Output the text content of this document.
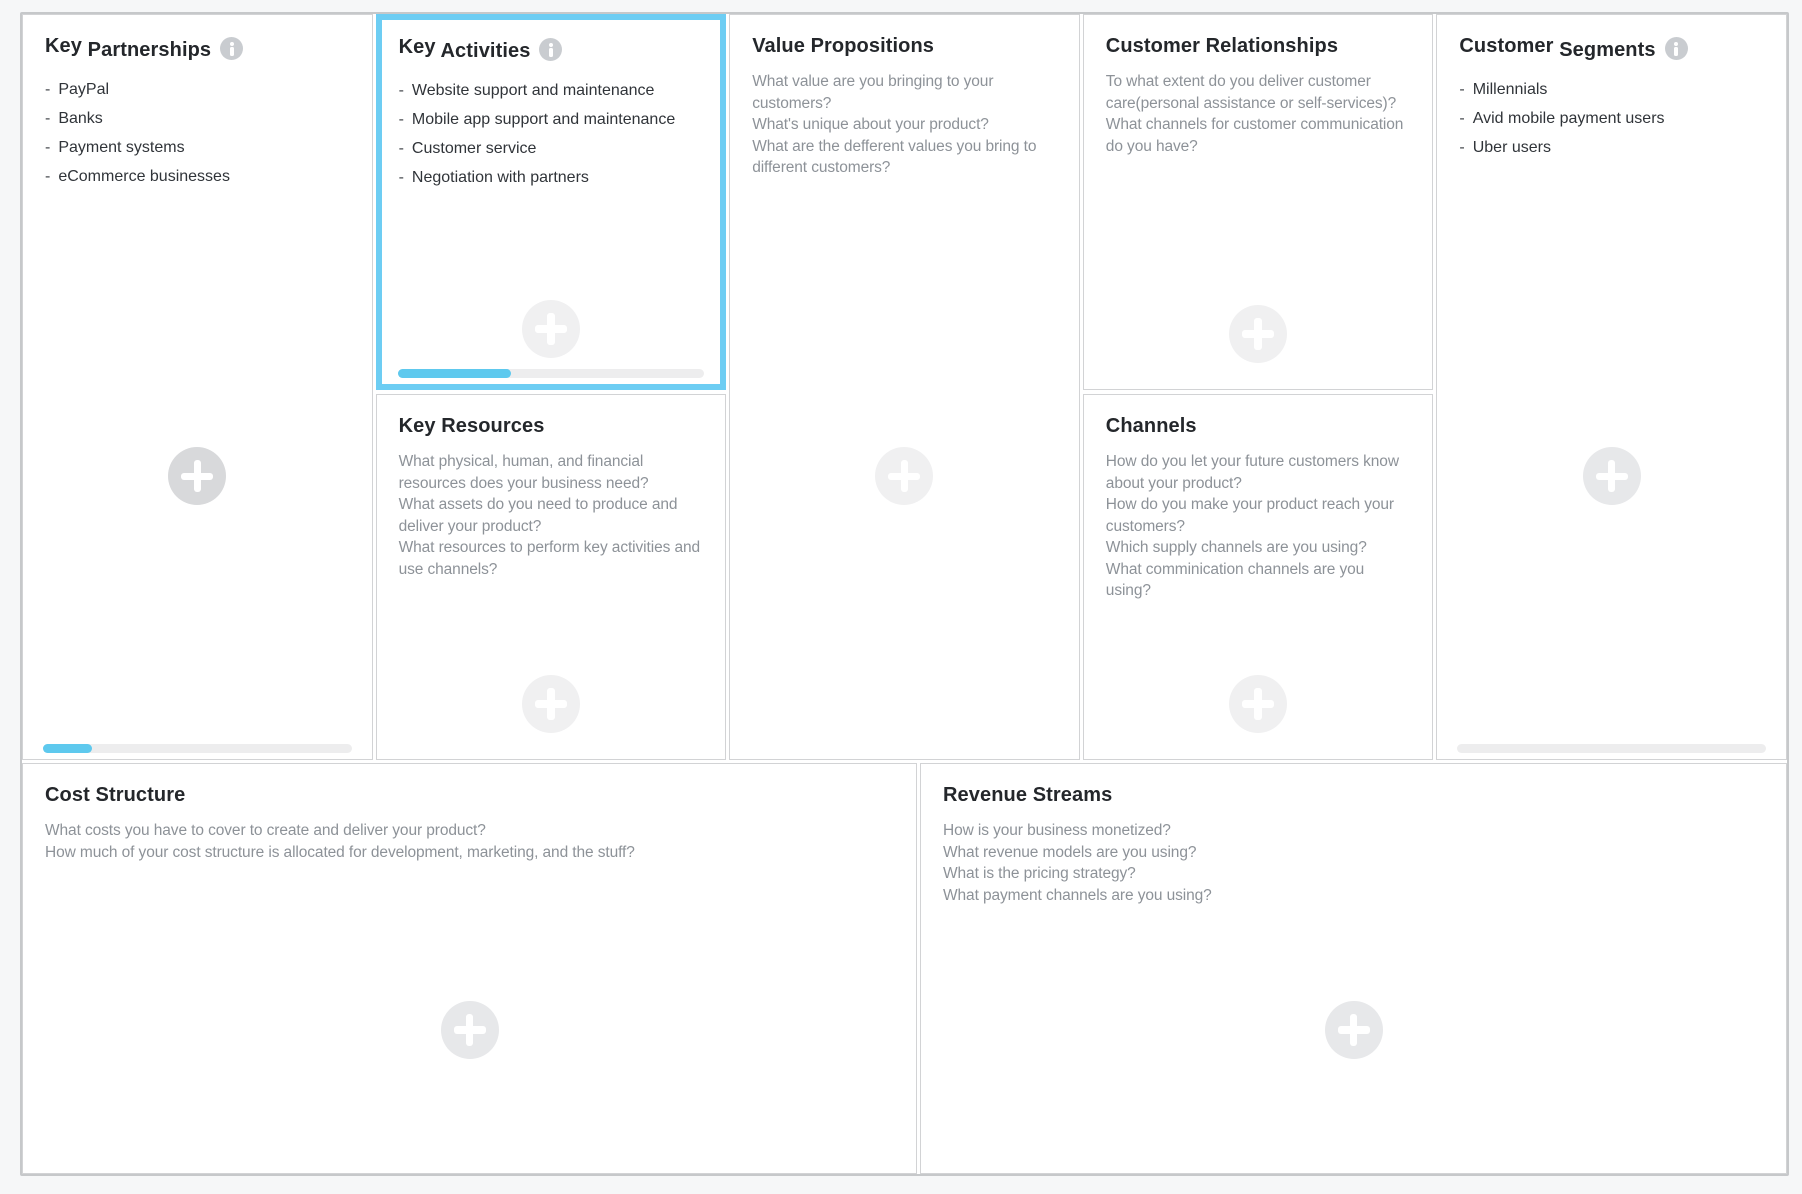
Key Partnerships
- PayPal
- Banks
- Payment systems
- eCommerce businesses
Key Activities
- Website support and maintenance
- Mobile app support and maintenance
- Customer service
- Negotiation with partners
Key Resources
What physical, human, and financial resources does your business need?
What assets do you need to produce and deliver your product?
What resources to perform key activities and use channels?
Value Propositions
What value are you bringing to your customers?
What's unique about your product?
What are the defferent values you bring to different customers?
Customer Relationships
To what extent do you deliver customer care(personal assistance or self-services)?
What channels for customer communication do you have?
Channels
How do you let your future customers know about your product?
How do you make your product reach your customers?
Which supply channels are you using?
What comminication channels are you using?
Customer Segments
- Millennials
- Avid mobile payment users
- Uber users
Cost Structure
What costs you have to cover to create and deliver your product?
How much of your cost structure is allocated for development, marketing, and the stuff?
Revenue Streams
How is your business monetized?
What revenue models are you using?
What is the pricing strategy?
What payment channels are you using?
